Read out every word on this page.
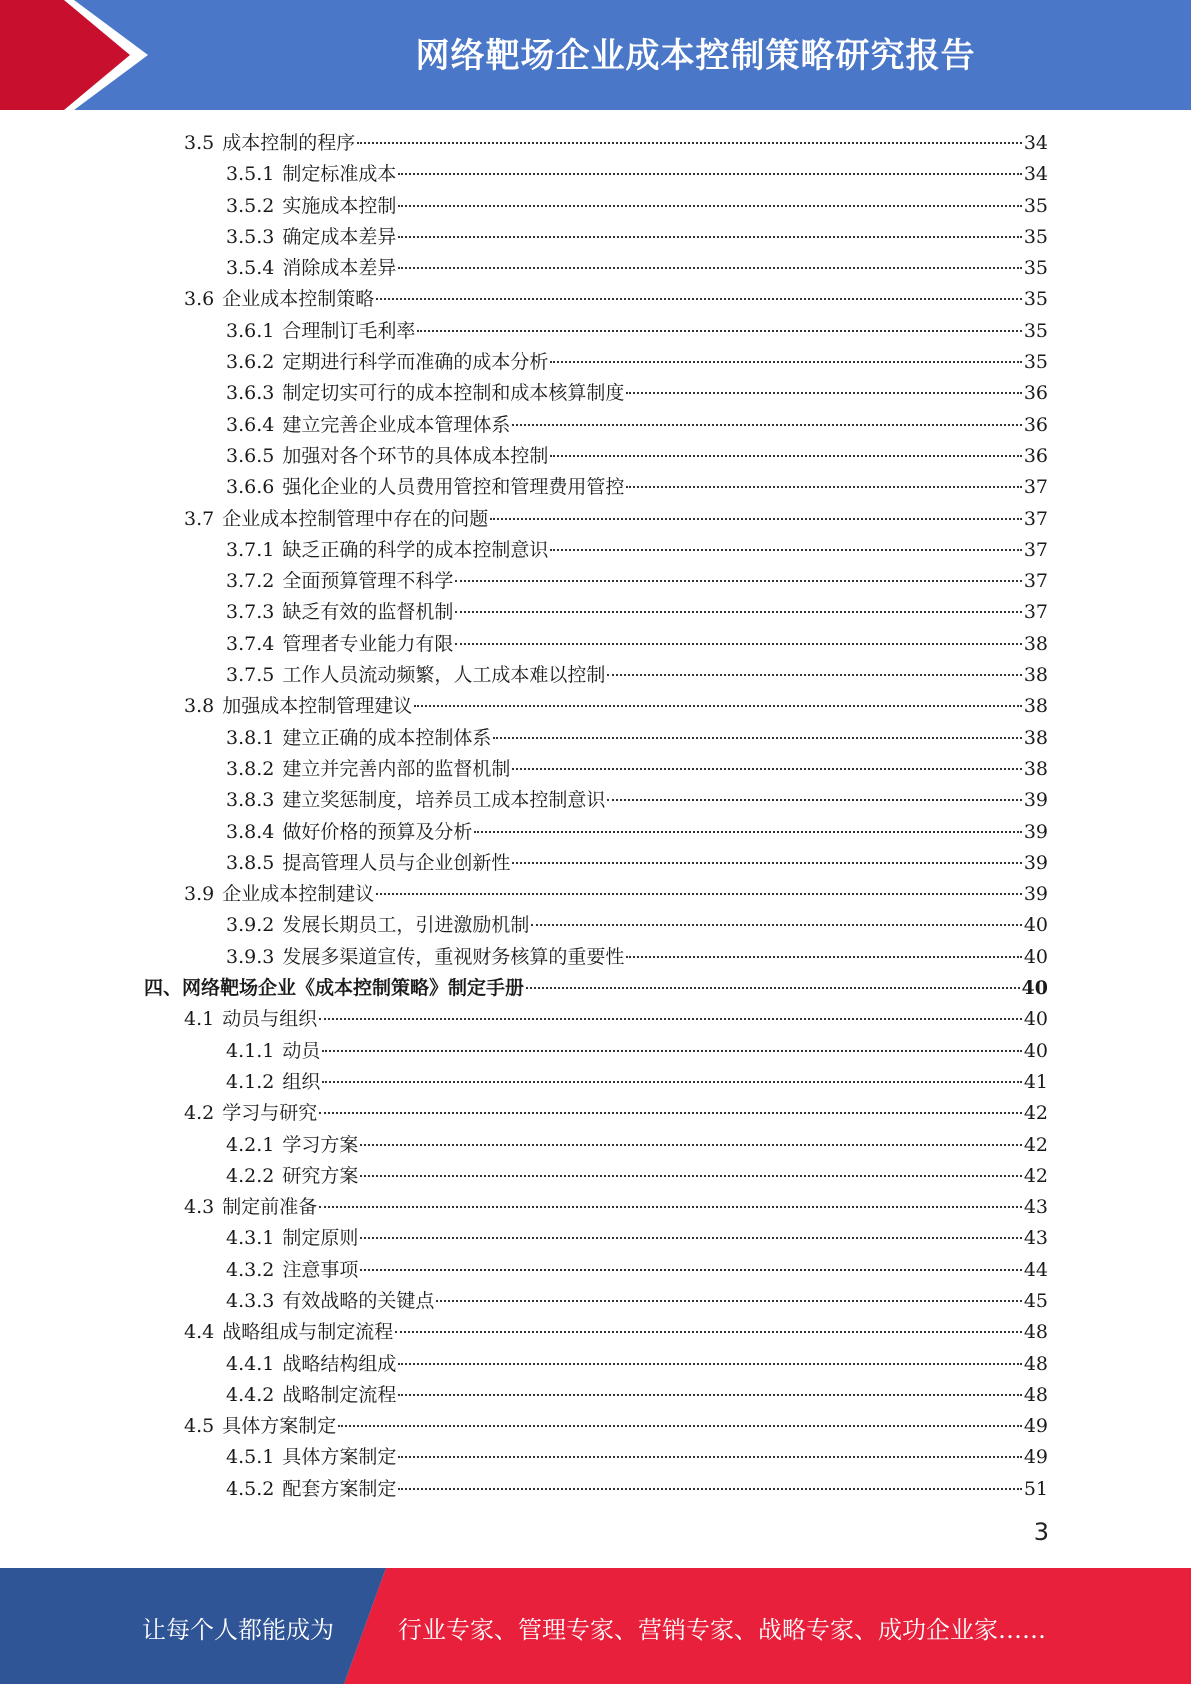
网络靶场企业成本控制策略研究报告
3.5 成本控制的程序	34
3.5.1 制定标准成本	34
3.5.2 实施成本控制	35
3.5.3 确定成本差异	35
3.5.4 消除成本差异	35
3.6 企业成本控制策略	35
3.6.1 合理制订毛利率	35
3.6.2 定期进行科学而准确的成本分析	35
3.6.3 制定切实可行的成本控制和成本核算制度	36
3.6.4 建立完善企业成本管理体系	36
3.6.5 加强对各个环节的具体成本控制	36
3.6.6 强化企业的人员费用管控和管理费用管控	37
3.7 企业成本控制管理中存在的问题	37
3.7.1 缺乏正确的科学的成本控制意识	37
3.7.2 全面预算管理不科学	37
3.7.3 缺乏有效的监督机制	37
3.7.4 管理者专业能力有限	38
3.7.5 工作人员流动频繁，人工成本难以控制	38
3.8 加强成本控制管理建议	38
3.8.1 建立正确的成本控制体系	38
3.8.2 建立并完善内部的监督机制	38
3.8.3 建立奖惩制度，培养员工成本控制意识	39
3.8.4 做好价格的预算及分析	39
3.8.5 提高管理人员与企业创新性	39
3.9 企业成本控制建议	39
3.9.2 发展长期员工，引进激励机制	40
3.9.3 发展多渠道宣传，重视财务核算的重要性	40
四、网络靶场企业《成本控制策略》制定手册	40
4.1 动员与组织	40
4.1.1 动员	40
4.1.2 组织	41
4.2 学习与研究	42
4.2.1 学习方案	42
4.2.2 研究方案	42
4.3 制定前准备	43
4.3.1 制定原则	43
4.3.2 注意事项	44
4.3.3 有效战略的关键点	45
4.4 战略组成与制定流程	48
4.4.1 战略结构组成	48
4.4.2 战略制定流程	48
4.5 具体方案制定	49
4.5.1 具体方案制定	49
4.5.2 配套方案制定	51
3
让每个人都能成为	行业专家、管理专家、营销专家、战略专家、成功企业家……
